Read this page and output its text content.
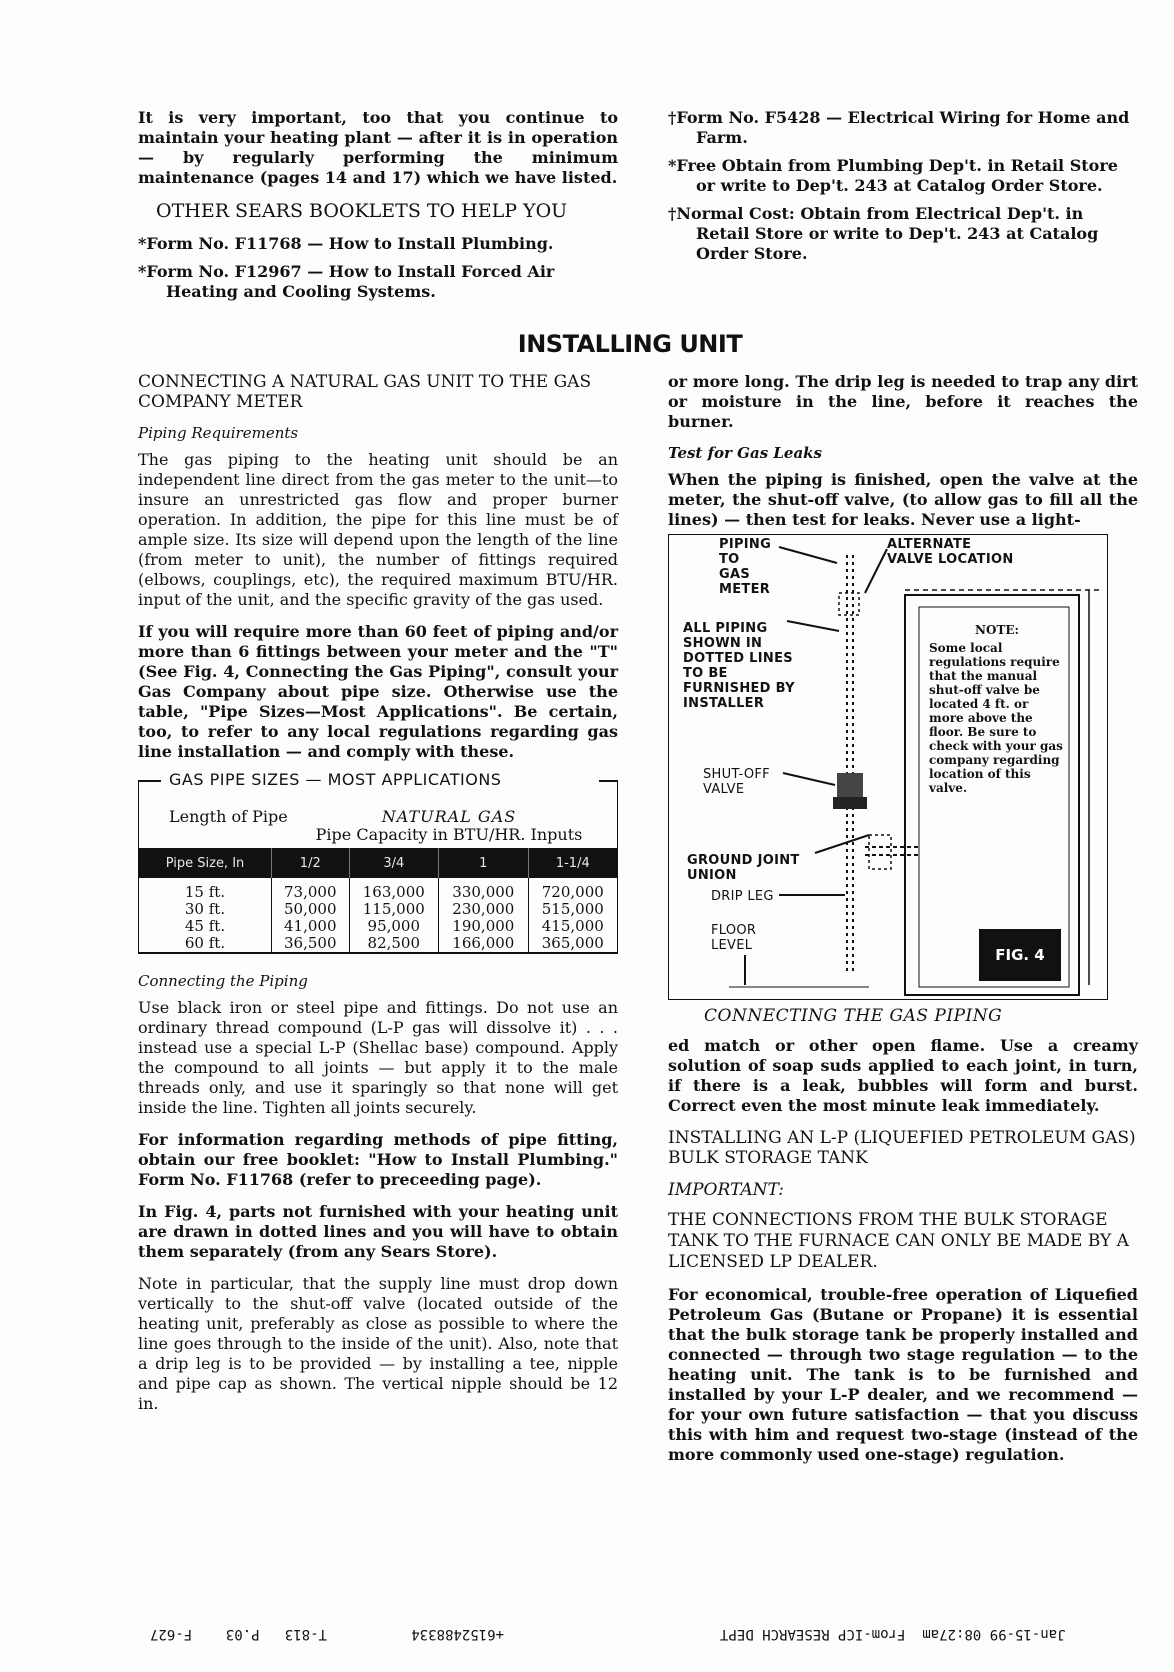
It is very important, too that you continue to maintain your heating plant — after it is in operation — by regularly performing the minimum maintenance (pages 14 and 17) which we have listed.

OTHER SEARS BOOKLETS TO HELP YOU
*Form No. F11768 — How to Install Plumbing.
*Form No. F12967 — How to Install Forced Air Heating and Cooling Systems.
†Form No. F5428 — Electrical Wiring for Home and Farm.
*Free Obtain from Plumbing Dep't. in Retail Store or write to Dep't. 243 at Catalog Order Store.
†Normal Cost: Obtain from Electrical Dep't. in Retail Store or write to Dep't. 243 at Catalog Order Store.
INSTALLING UNIT
CONNECTING A NATURAL GAS UNIT TO THE GAS COMPANY METER
Piping Requirements

The gas piping to the heating unit should be an independent line direct from the gas meter to the unit—to insure an unrestricted gas flow and proper burner operation. In addition, the pipe for this line must be of ample size. Its size will depend upon the length of the line (from meter to unit), the number of fittings required (elbows, couplings, etc), the required maximum BTU/HR. input of the unit, and the specific gravity of the gas used.

If you will require more than 60 feet of piping and/or more than 6 fittings between your meter and the "T" (See Fig. 4, Connecting the Gas Piping", consult your Gas Company about pipe size. Otherwise use the table, "Pipe Sizes—Most Applications". Be certain, too, to refer to any local regulations regarding gas line installation — and comply with these.

GAS PIPE SIZES — MOST APPLICATIONS
Length of Pipe	NATURAL GAS
Pipe Capacity in BTU/HR. Inputs
Pipe Size, In	1/2	3/4	1	1-1/4
15 ft.	73,000	163,000	330,000	720,000
30 ft.	50,000	115,000	230,000	515,000
45 ft.	41,000	95,000	190,000	415,000
60 ft.	36,500	82,500	166,000	365,000
Connecting the Piping

Use black iron or steel pipe and fittings. Do not use an ordinary thread compound (L-P gas will dissolve it) . . . instead use a special L-P (Shellac base) compound. Apply the compound to all joints — but apply it to the male threads only, and use it sparingly so that none will get inside the line. Tighten all joints securely.

For information regarding methods of pipe fitting, obtain our free booklet: "How to Install Plumbing." Form No. F11768 (refer to preceeding page).

In Fig. 4, parts not furnished with your heating unit are drawn in dotted lines and you will have to obtain them separately (from any Sears Store).

Note in particular, that the supply line must drop down vertically to the shut-off valve (located outside of the heating unit, preferably as close as possible to where the line goes through to the inside of the unit). Also, note that a drip leg is to be provided — by installing a tee, nipple and pipe cap as shown. The vertical nipple should be 12 in.

or more long. The drip leg is needed to trap any dirt or moisture in the line, before it reaches the burner.

Test for Gas Leaks

When the piping is finished, open the valve at the meter, the shut-off valve, (to allow gas to fill all the lines) — then test for leaks. Never use a light-

PIPING
TO
GAS
METER
ALTERNATE
VALVE LOCATION
ALL PIPING
SHOWN IN
DOTTED LINES
TO BE
FURNISHED BY
INSTALLER
SHUT-OFF
VALVE
GROUND JOINT
UNION
DRIP LEG
FLOOR
LEVEL
NOTE:
Some local regulations require that the manual shut-off valve be located 4 ft. or more above the floor. Be sure to check with your gas company regarding location of this valve.
FIG. 4
CONNECTING THE GAS PIPING

ed match or other open flame. Use a creamy solution of soap suds applied to each joint, in turn, if there is a leak, bubbles will form and burst. Correct even the most minute leak immediately.

INSTALLING AN L-P (LIQUEFIED PETROLEUM GAS) BULK STORAGE TANK
IMPORTANT:
THE CONNECTIONS FROM THE BULK STORAGE TANK TO THE FURNACE CAN ONLY BE MADE BY A LICENSED LP DEALER.

For economical, trouble-free operation of Liquefied Petroleum Gas (Butane or Propane) it is essential that the bulk storage tank be properly installed and connected — through two stage regulation — to the heating unit. The tank is to be furnished and installed by your L-P dealer, and we recommend — for your own future satisfaction — that you discuss this with him and request two-stage (instead of the more commonly used one-stage) regulation.

Jan-15-99 08:27am  From-ICP RESEARCH DEPT
+6152488334          T-813   P.03    F-627
